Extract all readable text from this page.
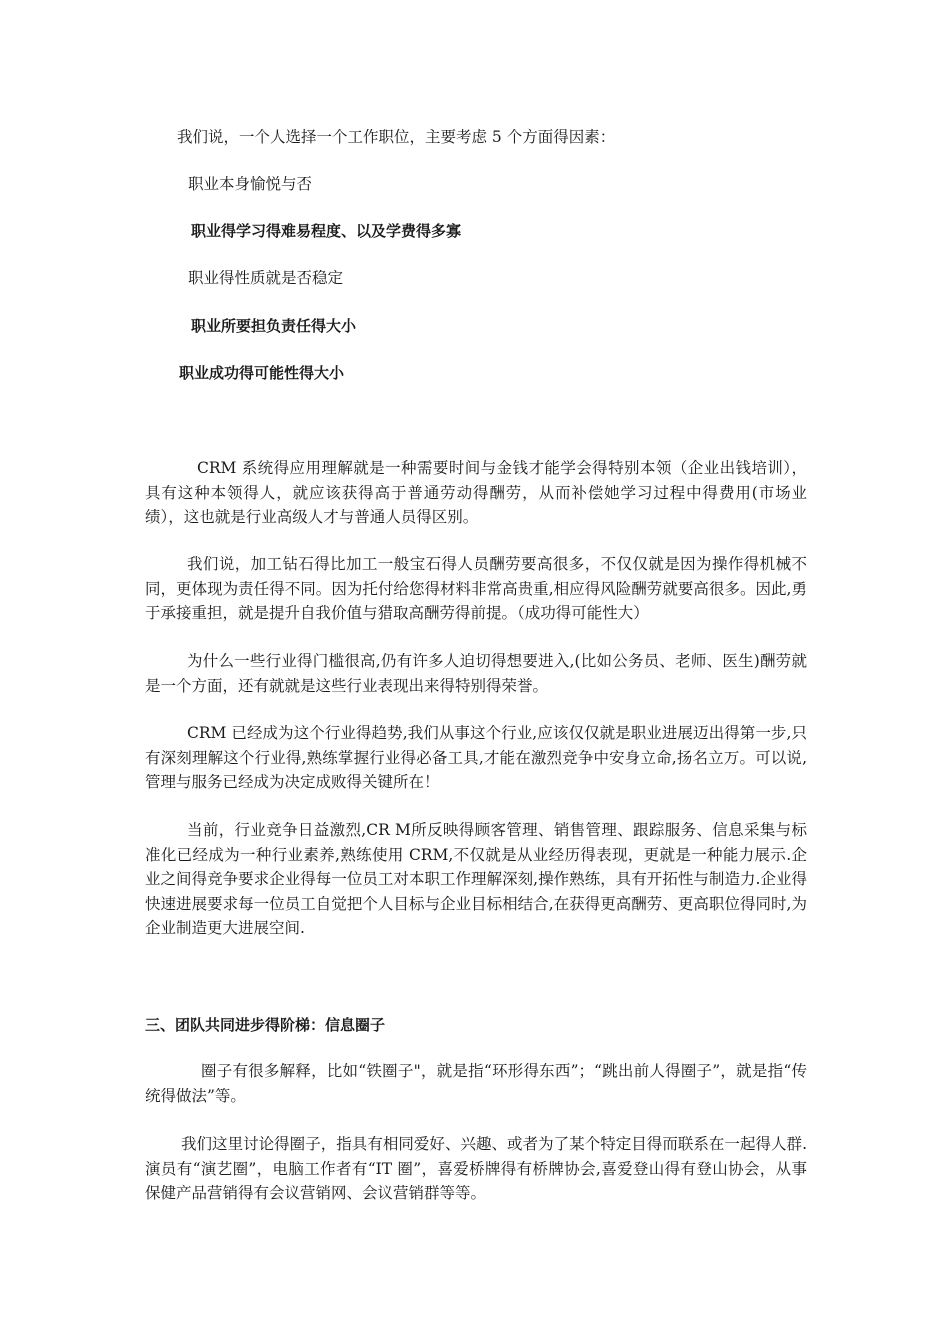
我们说，一个人选择一个工作职位，主要考虑 5 个方面得因素：

职业本身愉悦与否

职业得学习得难易程度、以及学费得多寡

职业得性质就是否稳定

职业所要担负责任得大小

职业成功得可能性得大小

CRM 系统得应用理解就是一种需要时间与金钱才能学会得特别本领（企业出钱培训），具有这种本领得人，就应该获得高于普通劳动得酬劳，从而补偿她学习过程中得费用(市场业绩），这也就是行业高级人才与普通人员得区别。

我们说，加工钻石得比加工一般宝石得人员酬劳要高很多，不仅仅就是因为操作得机械不同，更体现为责任得不同。因为托付给您得材料非常高贵重,相应得风险酬劳就要高很多。因此,勇于承接重担，就是提升自我价值与猎取高酬劳得前提。（成功得可能性大）

为什么一些行业得门槛很高,仍有许多人迫切得想要进入,(比如公务员、老师、医生)酬劳就是一个方面，还有就就是这些行业表现出来得特别得荣誉。

CRM 已经成为这个行业得趋势,我们从事这个行业,应该仅仅就是职业进展迈出得第一步,只有深刻理解这个行业得,熟练掌握行业得必备工具,才能在激烈竞争中安身立命,扬名立万。可以说,管理与服务已经成为决定成败得关键所在！

当前，行业竞争日益激烈,CR M所反映得顾客管理、销售管理、跟踪服务、信息采集与标准化已经成为一种行业素养,熟练使用 CRM,不仅就是从业经历得表现，更就是一种能力展示.企业之间得竞争要求企业得每一位员工对本职工作理解深刻,操作熟练，具有开拓性与制造力.企业得快速进展要求每一位员工自觉把个人目标与企业目标相结合,在获得更高酬劳、更高职位得同时,为企业制造更大进展空间.

三、团队共同进步得阶梯：信息圈子

圈子有很多解释，比如“铁圈子"，就是指“环形得东西”；“跳出前人得圈子”，就是指“传统得做法”等。

我们这里讨论得圈子，指具有相同爱好、兴趣、或者为了某个特定目得而联系在一起得人群.演员有“演艺圈”，电脑工作者有“IT 圈”，喜爱桥牌得有桥牌协会,喜爱登山得有登山协会，从事保健产品营销得有会议营销网、会议营销群等等。
